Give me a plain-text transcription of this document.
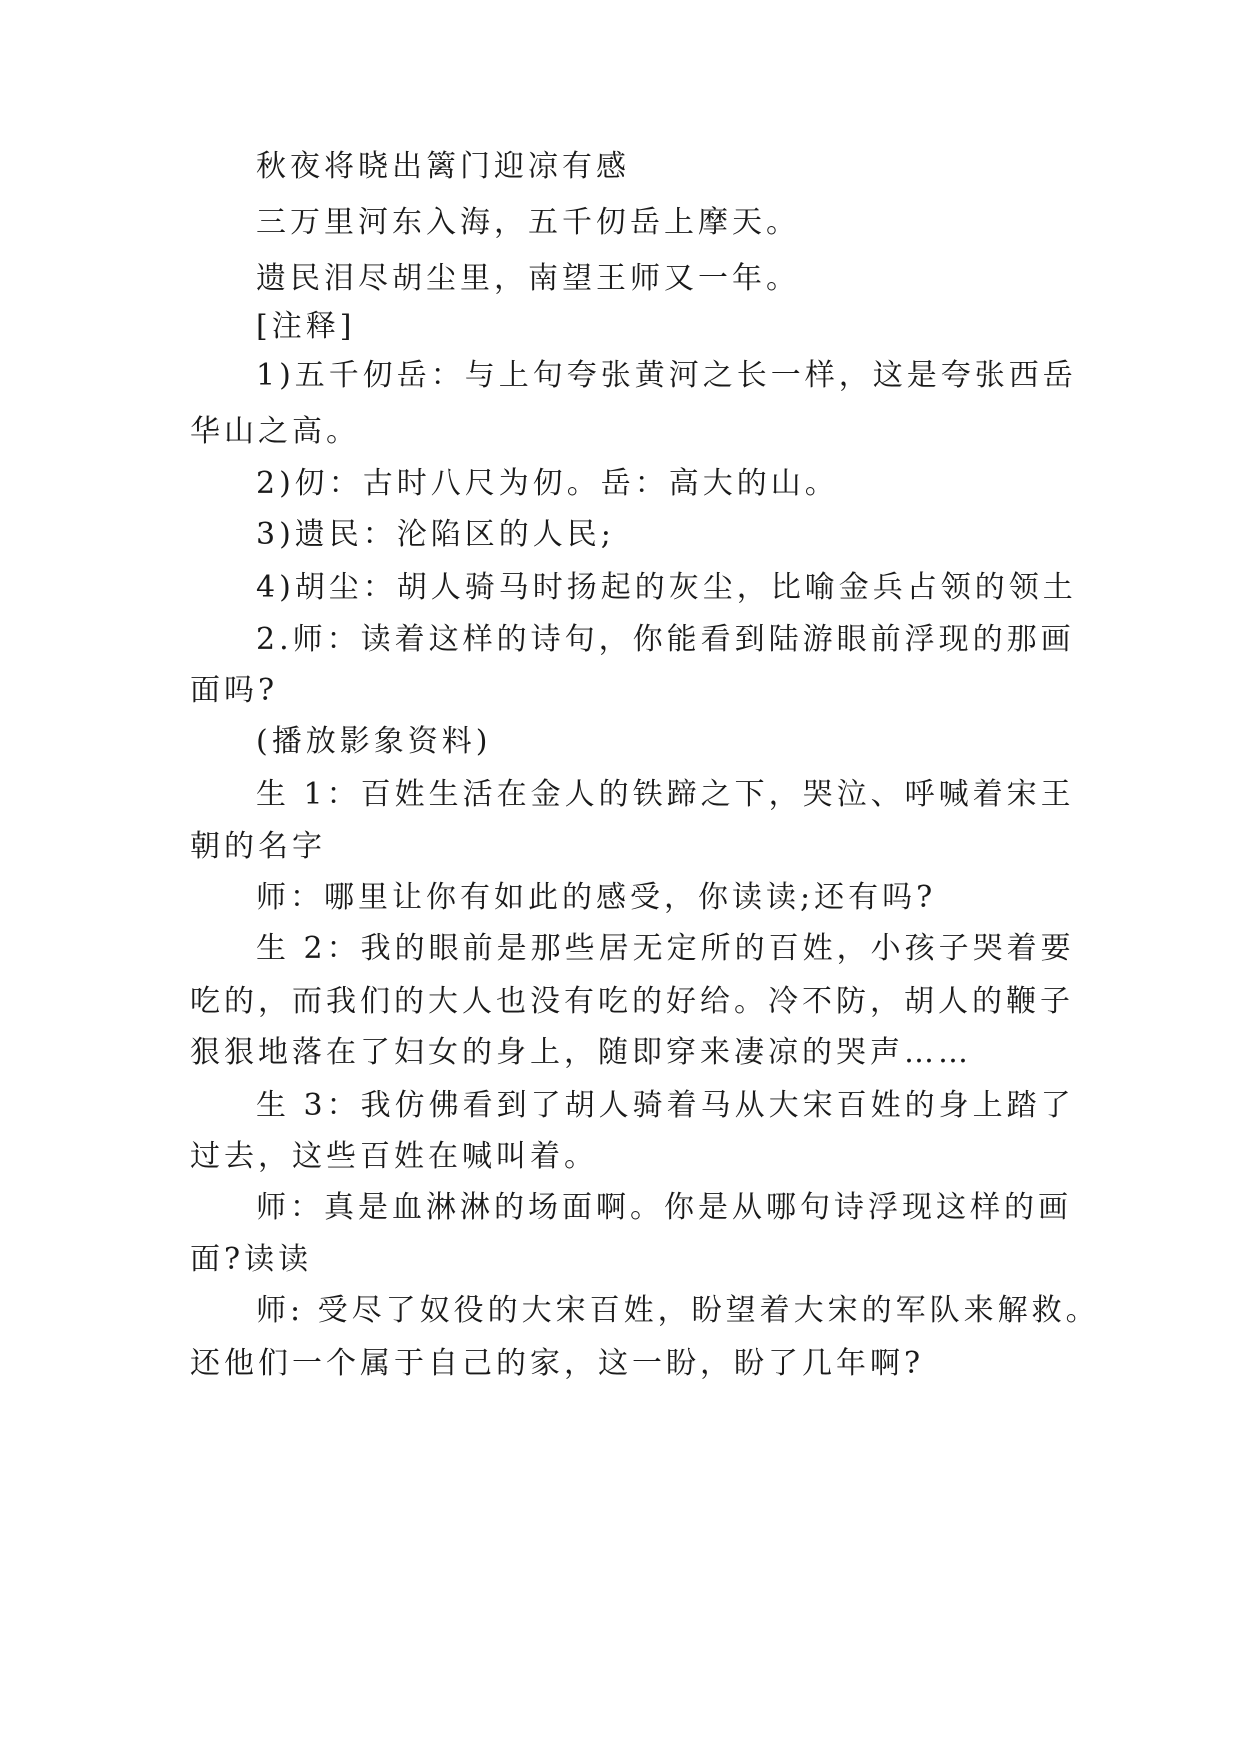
秋夜将晓出篱门迎凉有感
三万里河东入海，五千仞岳上摩天。
遗民泪尽胡尘里，南望王师又一年。
[注释]
1)五千仞岳：与上句夸张黄河之长一样，这是夸张西岳
华山之高。
2)仞：古时八尺为仞。岳：高大的山。
3)遗民：沦陷区的人民;
4)胡尘：胡人骑马时扬起的灰尘，比喻金兵占领的领土
2.师：读着这样的诗句，你能看到陆游眼前浮现的那画
面吗?
(播放影象资料)
生 1：百姓生活在金人的铁蹄之下，哭泣、呼喊着宋王
朝的名字
师：哪里让你有如此的感受，你读读;还有吗?
生 2：我的眼前是那些居无定所的百姓，小孩子哭着要
吃的，而我们的大人也没有吃的好给。冷不防，胡人的鞭子
狠狠地落在了妇女的身上，随即穿来凄凉的哭声……
生 3：我仿佛看到了胡人骑着马从大宋百姓的身上踏了
过去，这些百姓在喊叫着。
师：真是血淋淋的场面啊。你是从哪句诗浮现这样的画
面?读读
师: 受尽了奴役的大宋百姓，盼望着大宋的军队来解救。
还他们一个属于自己的家，这一盼，盼了几年啊?
